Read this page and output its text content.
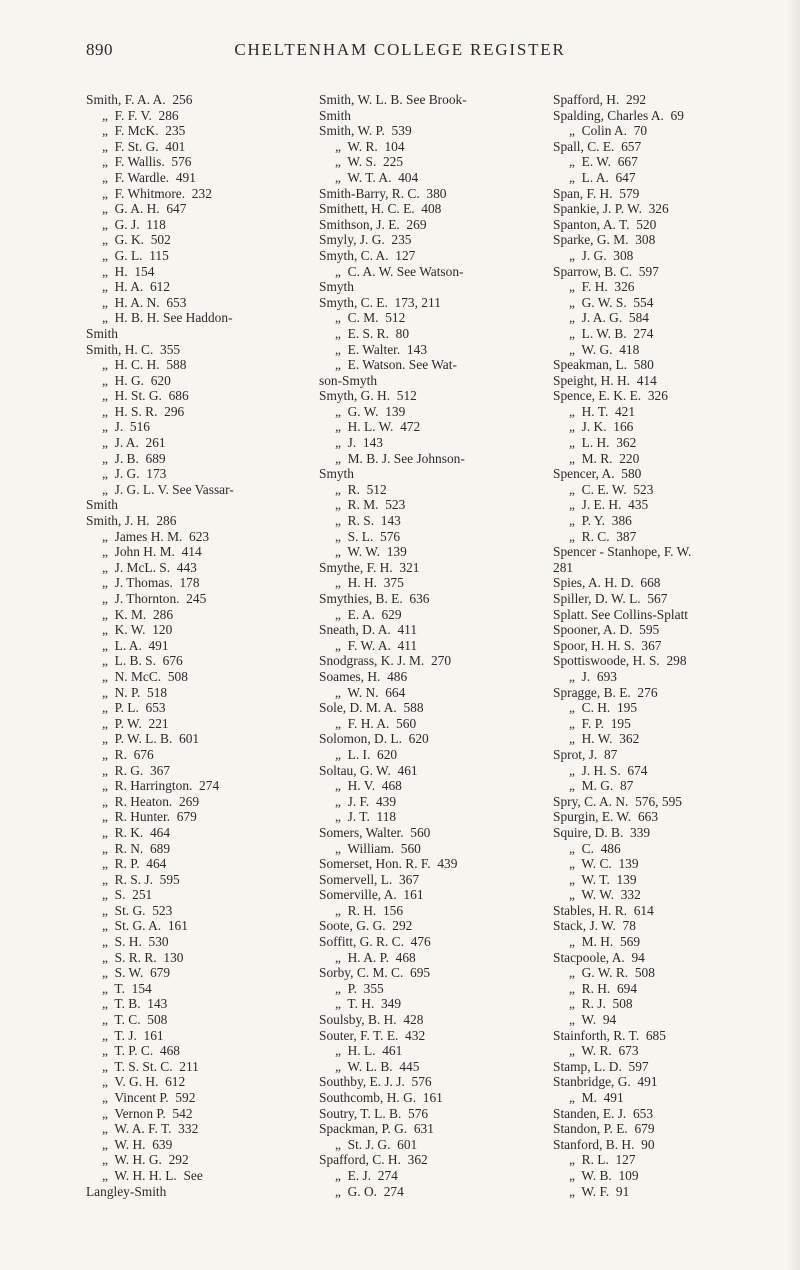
890	CHELTENHAM COLLEGE REGISTER
Smith, F. A. A.  256
„  F. F. V.  286
„  F. McK.  235
„  F. St. G.  401
„  F. Wallis.  576
„  F. Wardle.  491
„  F. Whitmore.  232
„  G. A. H.  647
„  G. J.  118
„  G. K.  502
„  G. L.  115
„  H.  154
„  H. A.  612
„  H. A. N.  653
„  H. B. H. See Haddon-
Smith
Smith, H. C.  355
„  H. C. H.  588
„  H. G.  620
„  H. St. G.  686
„  H. S. R.  296
„  J.  516
„  J. A.  261
„  J. B.  689
„  J. G.  173
„  J. G. L. V. See Vassar-
Smith
Smith, J. H.  286
„  James H. M.  623
„  John H. M.  414
„  J. McL. S.  443
„  J. Thomas.  178
„  J. Thornton.  245
„  K. M.  286
„  K. W.  120
„  L. A.  491
„  L. B. S.  676
„  N. McC.  508
„  N. P.  518
„  P. L.  653
„  P. W.  221
„  P. W. L. B.  601
„  R.  676
„  R. G.  367
„  R. Harrington.  274
„  R. Heaton.  269
„  R. Hunter.  679
„  R. K.  464
„  R. N.  689
„  R. P.  464
„  R. S. J.  595
„  S.  251
„  St. G.  523
„  St. G. A.  161
„  S. H.  530
„  S. R. R.  130
„  S. W.  679
„  T.  154
„  T. B.  143
„  T. C.  508
„  T. J.  161
„  T. P. C.  468
„  T. S. St. C.  211
„  V. G. H.  612
„  Vincent P.  592
„  Vernon P.  542
„  W. A. F. T.  332
„  W. H.  639
„  W. H. G.  292
„  W. H. H. L.  See
Langley-Smith
Smith, W. L. B. See Brook-
Smith
Smith, W. P.  539
„  W. R.  104
„  W. S.  225
„  W. T. A.  404
Smith-Barry, R. C.  380
Smithett, H. C. E.  408
Smithson, J. E.  269
Smyly, J. G.  235
Smyth, C. A.  127
„  C. A. W. See Watson-
Smyth
Smyth, C. E.  173, 211
„  C. M.  512
„  E. S. R.  80
„  E. Walter.  143
„  E. Watson. See Wat-
son-Smyth
Smyth, G. H.  512
„  G. W.  139
„  H. L. W.  472
„  J.  143
„  M. B. J. See Johnson-
Smyth
„  R.  512
„  R. M.  523
„  R. S.  143
„  S. L.  576
„  W. W.  139
Smythe, F. H.  321
„  H. H.  375
Smythies, B. E.  636
„  E. A.  629
Sneath, D. A.  411
„  F. W. A.  411
Snodgrass, K. J. M.  270
Soames, H.  486
„  W. N.  664
Sole, D. M. A.  588
„  F. H. A.  560
Solomon, D. L.  620
„  L. I.  620
Soltau, G. W.  461
„  H. V.  468
„  J. F.  439
„  J. T.  118
Somers, Walter.  560
„  William.  560
Somerset, Hon. R. F.  439
Somervell, L.  367
Somerville, A.  161
„  R. H.  156
Soote, G. G.  292
Soffitt, G. R. C.  476
„  H. A. P.  468
Sorby, C. M. C.  695
„  P.  355
„  T. H.  349
Soulsby, B. H.  428
Souter, F. T. E.  432
„  H. L.  461
„  W. L. B.  445
Southby, E. J. J.  576
Southcomb, H. G.  161
Soutry, T. L. B.  576
Spackman, P. G.  631
„  St. J. G.  601
Spafford, C. H.  362
„  E. J.  274
„  G. O.  274
Spafford, H.  292
Spalding, Charles A.  69
„  Colin A.  70
Spall, C. E.  657
„  E. W.  667
„  L. A.  647
Span, F. H.  579
Spankie, J. P. W.  326
Spanton, A. T.  520
Sparke, G. M.  308
„  J. G.  308
Sparrow, B. C.  597
„  F. H.  326
„  G. W. S.  554
„  J. A. G.  584
„  L. W. B.  274
„  W. G.  418
Speakman, L.  580
Speight, H. H.  414
Spence, E. K. E.  326
„  H. T.  421
„  J. K.  166
„  L. H.  362
„  M. R.  220
Spencer, A.  580
„  C. E. W.  523
„  J. E. H.  435
„  P. Y.  386
„  R. C.  387
Spencer - Stanhope, F. W.
281
Spies, A. H. D.  668
Spiller, D. W. L.  567
Splatt. See Collins-Splatt
Spooner, A. D.  595
Spoor, H. H. S.  367
Spottiswoode, H. S.  298
„  J.  693
Spragge, B. E.  276
„  C. H.  195
„  F. P.  195
„  H. W.  362
Sprot, J.  87
„  J. H. S.  674
„  M. G.  87
Spry, C. A. N.  576, 595
Spurgin, E. W.  663
Squire, D. B.  339
„  C.  486
„  W. C.  139
„  W. T.  139
„  W. W.  332
Stables, H. R.  614
Stack, J. W.  78
„  M. H.  569
Stacpoole, A.  94
„  G. W. R.  508
„  R. H.  694
„  R. J.  508
„  W.  94
Stainforth, R. T.  685
„  W. R.  673
Stamp, L. D.  597
Stanbridge, G.  491
„  M.  491
Standen, E. J.  653
Standon, P. E.  679
Stanford, B. H.  90
„  R. L.  127
„  W. B.  109
„  W. F.  91
